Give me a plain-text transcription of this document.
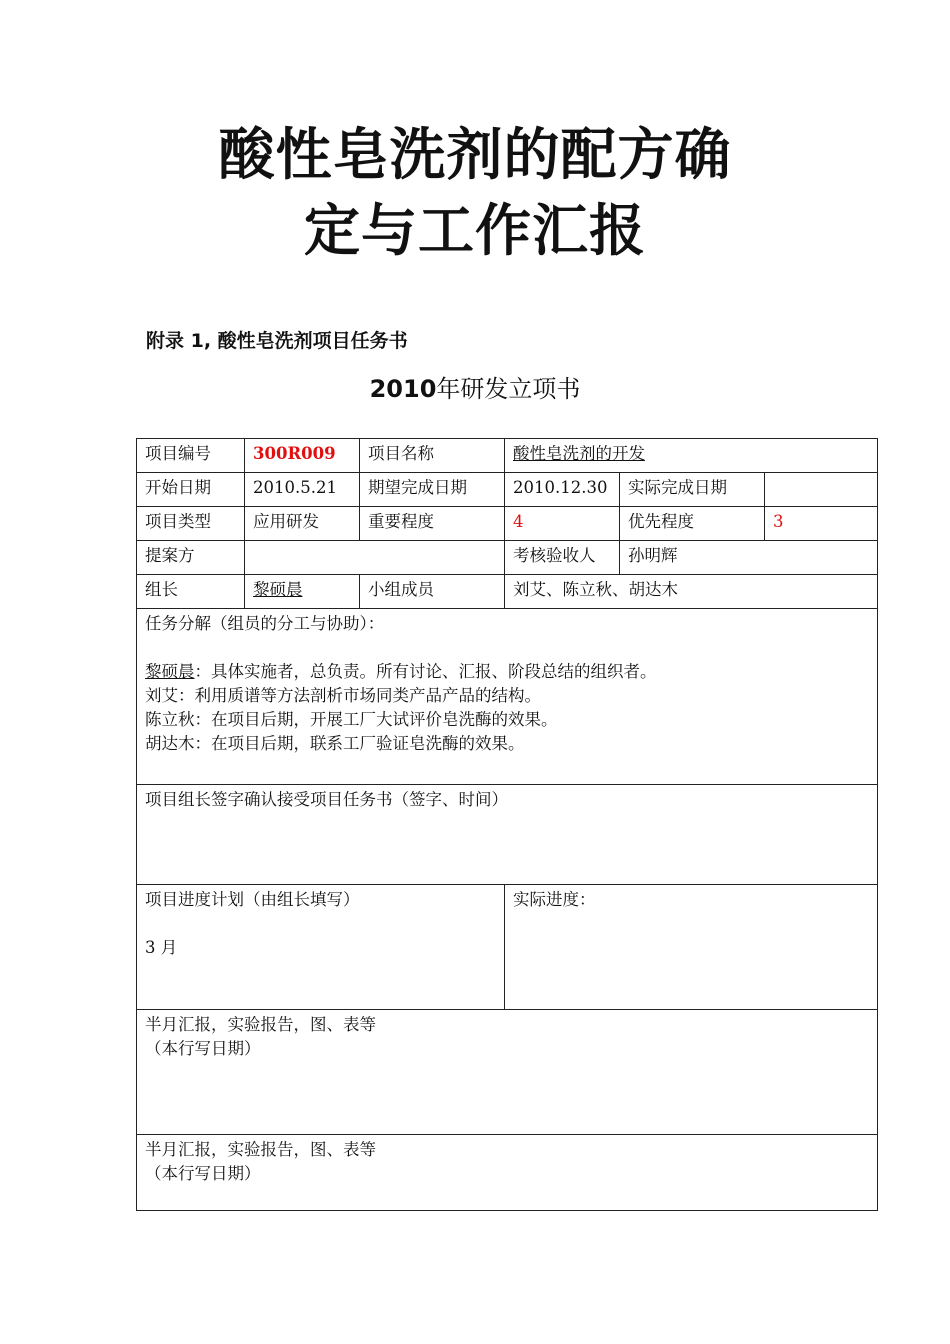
酸性皂洗剂的配方确
定与工作汇报
附录 1, 酸性皂洗剂项目任务书
2010年研发立项书
项目编号	300R009	项目名称	酸性皂洗剂的开发		
开始日期	2010.5.21	期望完成日期	2010.12.30	实际完成日期	
项目类型	应用研发	重要程度	4	优先程度	3
提案方			考核验收人	孙明辉	
组长	黎硕晨	小组成员	刘艾、陈立秋、胡达木		

任务分解（组员的分工与协助）：
黎硕晨：具体实施者，总负责。所有讨论、汇报、阶段总结的组织者。
刘艾：利用质谱等方法剖析市场同类产品产品的结构。
陈立秋：在项目后期，开展工厂大试评价皂洗酶的效果。
胡达木：在项目后期，联系工厂验证皂洗酶的效果。					

项目组长签字确认接受项目任务书（签字、时间）					

项目进度计划（由组长填写）
3 月			实际进度：		

半月汇报，实验报告，图、表等
（本行写日期）					

半月汇报，实验报告，图、表等
（本行写日期）					
